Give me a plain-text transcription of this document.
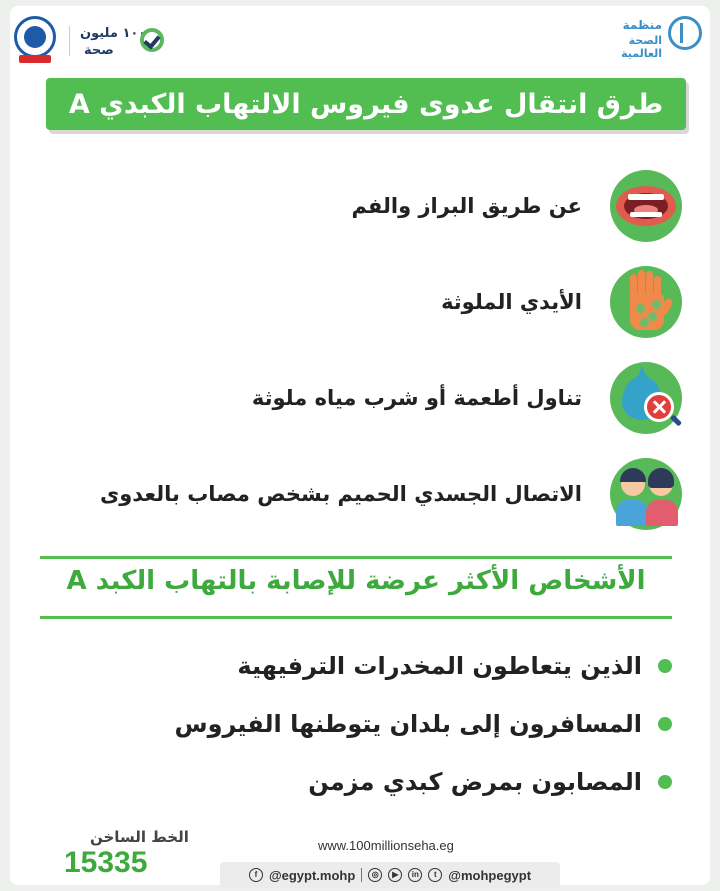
١٠٠ مليون
صحة
منظمة
الصحة العالمية
طرق انتقال عدوى فيروس الالتهاب الكبدي A
عن طريق البراز والفم
الأيدي الملوثة
تناول أطعمة أو شرب مياه ملوثة
الاتصال الجسدي الحميم بشخص مصاب بالعدوى
الأشخاص الأكثر عرضة للإصابة بالتهاب الكبد A
الذين يتعاطون المخدرات الترفيهية
المسافرون إلى بلدان يتوطنها الفيروس
المصابون بمرض كبدي مزمن
الخط الساخن
15335
www.100millionseha.eg
f @egypt.mohp	◎	▶	in	t @mohpegypt
